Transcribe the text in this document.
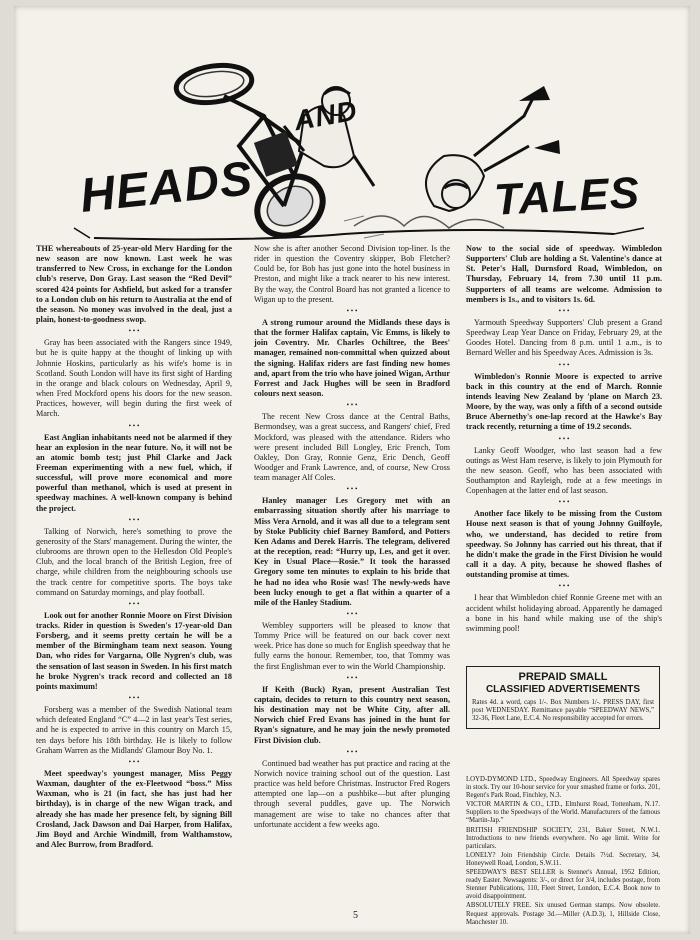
HEADS
AND
TALES

THE whereabouts of 25-year-old Merv Harding for the new season are now known. Last week he was transferred to New Cross, in exchange for the London club's reserve, Don Gray. Last season the “Red Devil” scored 424 points for Ashfield, but asked for a transfer to a London club on his return to Australia at the end of the season. No money was involved in the deal, just a plain, honest-to-goodness swop.

• • •

Gray has been associated with the Rangers since 1949, but he is quite happy at the thought of linking up with Johnnie Hoskins, particularly as his wife's home is in Scotland. South London will have its first sight of Harding in the orange and black colours on Wednesday, April 9, when Fred Mockford opens his doors for the new season. Practices, however, will begin during the first week of March.

• • •

East Anglian inhabitants need not be alarmed if they hear an explosion in the near future. No, it will not be an atomic bomb test; just Phil Clarke and Jack Freeman experimenting with a new fuel, which, if successful, will prove more economical and more powerful than methanol, which is used at present in speedway machines. A well-known company is behind the project.

• • •

Talking of Norwich, here's something to prove the generosity of the Stars' management. During the winter, the clubrooms are thrown open to the Hellesdon Old People's Club, and the local branch of the British Legion, free of charge, while children from the neighbouring schools use the track centre for competitive sports. The boys take command on Saturday mornings, and play football.

• • •

Look out for another Ronnie Moore on First Division tracks. Rider in question is Sweden's 17-year-old Dan Forsberg, and it seems pretty certain he will be a member of the Birmingham team next season. Young Dan, who rides for Vargarna, Olle Nygren's club, was the sensation of last season in Sweden. In his first match he broke Nygren's track record and collected an 18 points maximum!

• • •

Forsberg was a member of the Swedish National team which defeated England “C” 4—2 in last year's Test series, and he is expected to arrive in this country on March 15, ten days before his 18th birthday. He is likely to follow Graham Warren as the Midlands' Glamour Boy No. 1.

• • •

Meet speedway's youngest manager, Miss Peggy Waxman, daughter of the ex-Fleetwood “boss.” Miss Waxman, who is 21 (in fact, she has just had her birthday), is in charge of the new Wigan track, and already she has made her presence felt, by signing Bill Crosland, Jack Dawson and Dai Harper, from Halifax, Jim Boyd and Archie Windmill, from Walthamstow, and Alec Burrow, from Bradford.

Now she is after another Second Division top-liner. Is the rider in question the Coventry skipper, Bob Fletcher? Could be, for Bob has just gone into the hotel business in Preston, and might like a track nearer to his new interest. By the way, the Control Board has not granted a licence to Wigan up to the present.

• • •

A strong rumour around the Midlands these days is that the former Halifax captain, Vic Emms, is likely to join Coventry. Mr. Charles Ochiltree, the Bees' manager, remained non-committal when quizzed about the signing. Halifax riders are fast finding new homes and, apart from the trio who have joined Wigan, Arthur Forrest and Jack Hughes will be seen in Bradford colours next season.

• • •

The recent New Cross dance at the Central Baths, Bermondsey, was a great success, and Rangers' chief, Fred Mockford, was pleased with the attendance. Riders who were present included Bill Longley, Eric French, Tom Oakley, Don Gray, Ronnie Genz, Eric Dench, Geoff Woodger and Frank Lawrence, and, of course, New Cross team manager Alf Coles.

• • •

Hanley manager Les Gregory met with an embarrassing situation shortly after his marriage to Miss Vera Arnold, and it was all due to a telegram sent by Stoke Publicity chief Barney Bamford, and Potters Ken Adams and Derek Harris. The telegram, delivered at the reception, read: “Hurry up, Les, and get it over. Key in Usual Place—Rosie.” It took the harassed Gregory some ten minutes to explain to his bride that he had no idea who Rosie was! The newly-weds have been lucky enough to get a flat within a quarter of a mile of the Hanley Stadium.

• • •

Wembley supporters will be pleased to know that Tommy Price will be featured on our back cover next week. Price has done so much for English speedway that he fully earns the honour. Remember, too, that Tommy was the first Englishman ever to win the World Championship.

• • •

If Keith (Buck) Ryan, present Australian Test captain, decides to return to this country next season, his destination may not be White City, after all. Norwich chief Fred Evans has joined in the hunt for Ryan's signature, and he may join the newly promoted First Division club.

• • •

Continued bad weather has put practice and racing at the Norwich novice training school out of the question. Last practice was held before Christmas. Instructor Fred Rogers attempted one lap—on a pushbike—but after plunging through several puddles, gave up. The Norwich management are wise to take no chances after that unfortunate accident a few weeks ago.

Now to the social side of speedway. Wimbledon Supporters' Club are holding a St. Valentine's dance at St. Peter's Hall, Durnsford Road, Wimbledon, on Thursday, February 14, from 7.30 until 11 p.m. Supporters of all teams are welcome. Admission to members is 1s., and to visitors 1s. 6d.

• • •

Yarmouth Speedway Supporters' Club present a Grand Speedway Leap Year Dance on Friday, February 29, at the Goodes Hotel. Dancing from 8 p.m. until 1 a.m., is to Bernard Weller and his Speedway Aces. Admission is 3s.

• • •

Wimbledon's Ronnie Moore is expected to arrive back in this country at the end of March. Ronnie intends leaving New Zealand by 'plane on March 23. Moore, by the way, was only a fifth of a second outside Bruce Abernethy's one-lap record at the Hawke's Bay track recently, returning a time of 19.2 seconds.

• • •

Lanky Geoff Woodger, who last season had a few outings as West Ham reserve, is likely to join Plymouth for the new season. Geoff, who has been associated with Southampton and Rayleigh, rode at a few meetings in Copenhagen at the latter end of last season.

• • •

Another face likely to be missing from the Custom House next season is that of young Johnny Guilfoyle, who, we understand, has decided to retire from speedway. So Johnny has carried out his threat, that if he didn't make the grade in the First Division he would call it a day. A pity, because he showed flashes of outstanding promise at times.

• • •

I hear that Wimbledon chief Ronnie Greene met with an accident whilst holidaying abroad. Apparently he damaged a bone in his hand while making use of the ship's swimming pool!

PREPAID SMALL
CLASSIFIED ADVERTISEMENTS
Rates 4d. a word, caps 1/-. Box Numbers 1/-. PRESS DAY, first post WEDNESDAY. Remittance payable “SPEEDWAY NEWS,” 32-36, Fleet Lane, E.C.4. No responsibility accepted for errors.
LOYD-DYMOND LTD., Speedway Engineers. All Speedway spares in stock. Try our 10-hour service for your smashed frame or forks. 201, Regent's Park Road, Finchley, N.3.
VICTOR MARTIN & CO., LTD., Elmhurst Road, Tottenham, N.17. Suppliers to the Speedways of the World. Manufacturers of the famous “Martin-Jap.”
BRITISH FRIENDSHIP SOCIETY, 231, Baker Street, N.W.1. Introductions to new friends everywhere. No age limit. Write for particulars.
LONELY? Join Friendship Circle. Details 7½d. Secretary, 34, Honeywell Road, London, S.W.11.
SPEEDWAY'S BEST SELLER is Stenner's Annual, 1952 Edition, ready Easter. Newsagents: 3/-, or direct for 3/4, includes postage, from Stenner Publications, 110, Fleet Street, London, E.C.4. Book now to avoid disappointment.
ABSOLUTELY FREE. Six unused German stamps. Now obsolete. Request approvals. Postage 3d.—Miller (A.D.3), 1, Hillside Close, Manchester 10.
5
